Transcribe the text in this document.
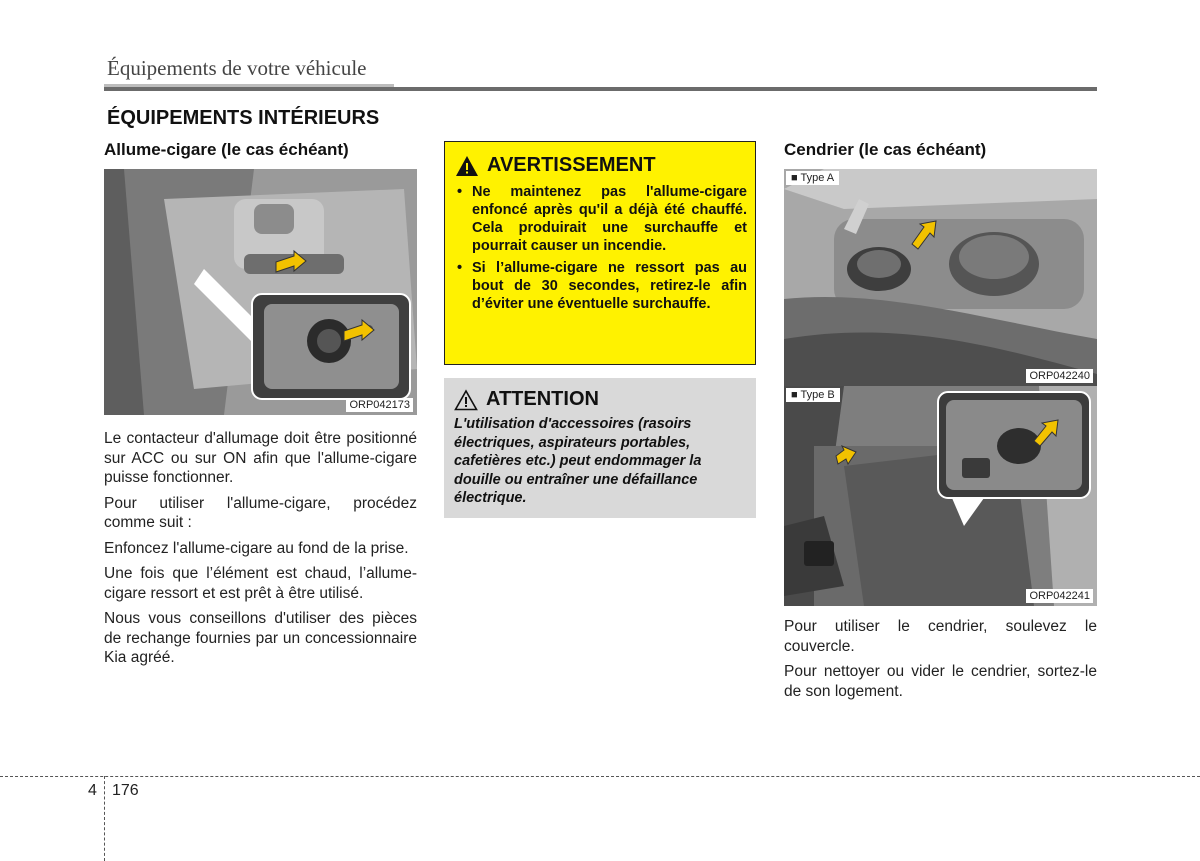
Équipements de votre véhicule
ÉQUIPEMENTS INTÉRIEURS
Allume-cigare (le cas échéant)
ORP042173

Le contacteur d'allumage doit être positionné sur ACC ou sur ON afin que l'allume-cigare puisse fonctionner.

Pour utiliser l'allume-cigare, procédez comme suit :

Enfoncez l'allume-cigare au fond de la prise.

Une fois que l’élément est chaud, l’allume-cigare ressort et est prêt à être utilisé.

Nous vous conseillons d'utiliser des pièces de rechange fournies par un concessionnaire Kia agréé.

AVERTISSEMENT
• Ne maintenez pas l'allume-cigare enfoncé après qu'il a déjà été chauffé. Cela produirait une surchauffe et pourrait causer un incendie.
• Si l’allume-cigare ne ressort pas au bout de 30 secondes, retirez-le afin d’éviter une éventuelle surchauffe.
ATTENTION
L'utilisation d'accessoires (rasoirs électriques, aspirateurs portables, cafetières etc.) peut endommager la douille ou entraîner une défaillance électrique.
Cendrier (le cas échéant)
■ Type A
ORP042240
■ Type B
ORP042241

Pour utiliser le cendrier, soulevez le couvercle.

Pour nettoyer ou vider le cendrier, sortez-le de son logement.

4 176
